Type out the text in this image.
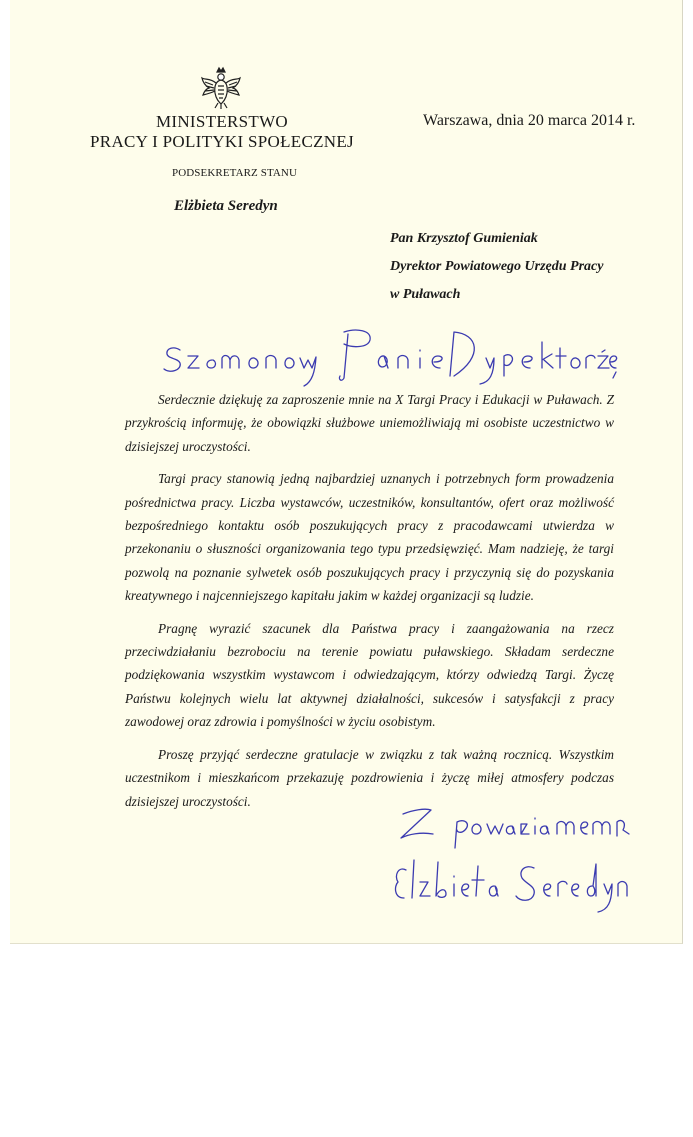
MINISTERSTWO
PRACY I POLITYKI SPOŁECZNEJ
Warszawa, dnia 20 marca 2014 r.
PODSEKRETARZ STANU
Elżbieta Seredyn
Pan Krzysztof Gumieniak
Dyrektor Powiatowego Urzędu Pracy
w Puławach

Serdecznie dziękuję za zaproszenie mnie na X Targi Pracy i Edukacji w Puławach. Z przykrością informuję, że obowiązki służbowe uniemożliwiają mi osobiste uczestnictwo w dzisiejszej uroczystości.

Targi pracy stanowią jedną najbardziej uznanych i potrzebnych form prowadzenia pośrednictwa pracy. Liczba wystawców, uczestników, konsultantów, ofert oraz możliwość bezpośredniego kontaktu osób poszukujących pracy z pracodawcami utwierdza w przekonaniu o słuszności organizowania tego typu przedsięwzięć. Mam nadzieję, że targi pozwolą na poznanie sylwetek osób poszukujących pracy i przyczynią się do pozyskania kreatywnego i najcenniejszego kapitału jakim w każdej organizacji są ludzie.

Pragnę wyrazić szacunek dla Państwa pracy i zaangażowania na rzecz przeciwdziałaniu bezrobociu na terenie powiatu puławskiego. Składam serdeczne podziękowania wszystkim wystawcom i odwiedzającym, którzy odwiedzą Targi. Życzę Państwu kolejnych wielu lat aktywnej działalności, sukcesów i satysfakcji z pracy zawodowej oraz zdrowia i pomyślności w życiu osobistym.

Proszę przyjąć serdeczne gratulacje w związku z tak ważną rocznicą. Wszystkim uczestnikom i mieszkańcom przekazuję pozdrowienia i życzę miłej atmosfery podczas dzisiejszej uroczystości.
